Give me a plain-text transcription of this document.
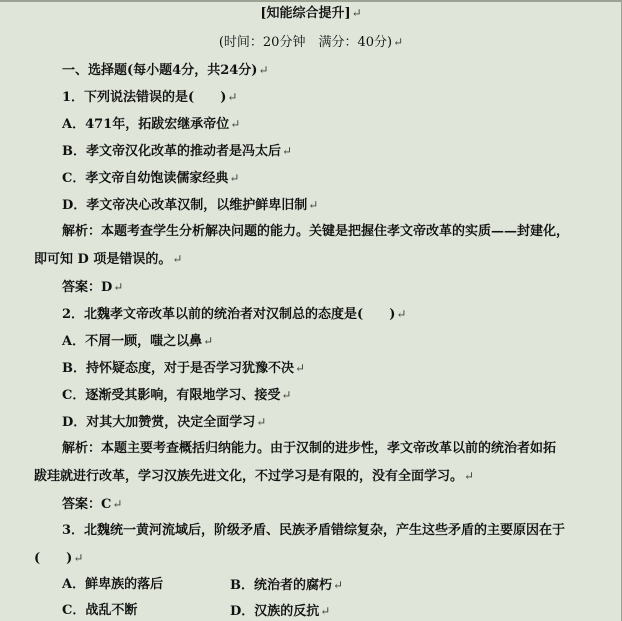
[知能综合提升]↵
(时间：20分钟　满分：40分)↵
一、选择题(每小题4分，共24分)↵
1．下列说法错误的是(　　)↵
A．471年，拓跋宏继承帝位↵
B．孝文帝汉化改革的推动者是冯太后↵
C．孝文帝自幼饱读儒家经典↵
D．孝文帝决心改革汉制，以维护鲜卑旧制↵
解析：本题考查学生分析解决问题的能力。关键是把握住孝文帝改革的实质——封建化，
即可知 D 项是错误的。↵
答案：D↵
2．北魏孝文帝改革以前的统治者对汉制总的态度是(　　)↵
A．不屑一顾，嗤之以鼻↵
B．持怀疑态度，对于是否学习犹豫不决↵
C．逐渐受其影响，有限地学习、接受↵
D．对其大加赞赏，决定全面学习↵
解析：本题主要考查概括归纳能力。由于汉制的进步性，孝文帝改革以前的统治者如拓
跋珪就进行改革，学习汉族先进文化，不过学习是有限的，没有全面学习。↵
答案：C↵
3．北魏统一黄河流域后，阶级矛盾、民族矛盾错综复杂，产生这些矛盾的主要原因在于
(　　)↵
A．鲜卑族的落后	B．统治者的腐朽↵
C．战乱不断	D．汉族的反抗↵
